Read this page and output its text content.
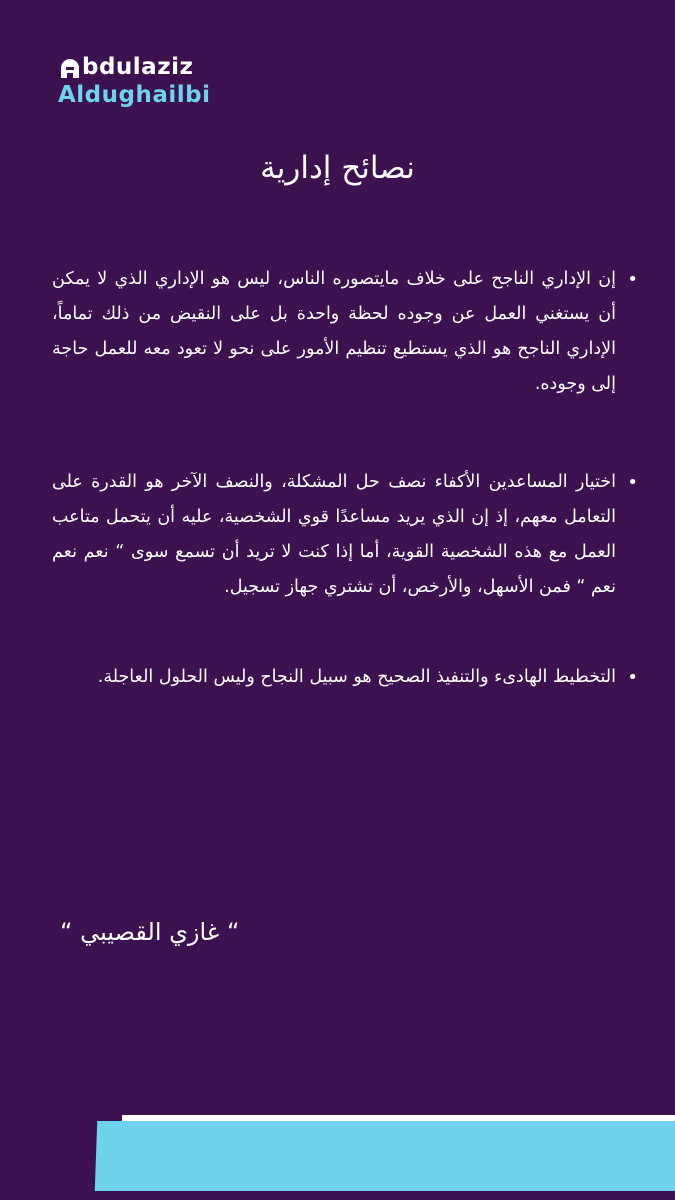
bdulaziz
Aldughailbi
نصائح إدارية
•
إن الإداري الناجح على خلاف مايتصوره الناس، ليس هو الإداري الذي لا يمكن أن يستغني العمل عن وجوده لحظة واحدة بل على النقيض من ذلك تماماً، الإداري الناجح هو الذي يستطيع تنظيم الأمور على نحو لا تعود معه للعمل حاجة إلى وجوده.
•
اختيار المساعدين الأكفاء نصف حل المشكلة، والنصف الآخر هو القدرة على التعامل معهم، إذ إن الذي يريد مساعدًا قوي الشخصية، عليه أن يتحمل متاعب العمل مع هذه الشخصية القوية، أما إذا كنت لا تريد أن تسمع سوى “ نعم نعم نعم “ فمن الأسهل، والأرخص، أن تشتري جهاز تسجيل.
•
التخطيط الهادىء والتنفيذ الصحيح هو سبيل النجاح وليس الحلول العاجلة.
“ غازي القصيبي “
